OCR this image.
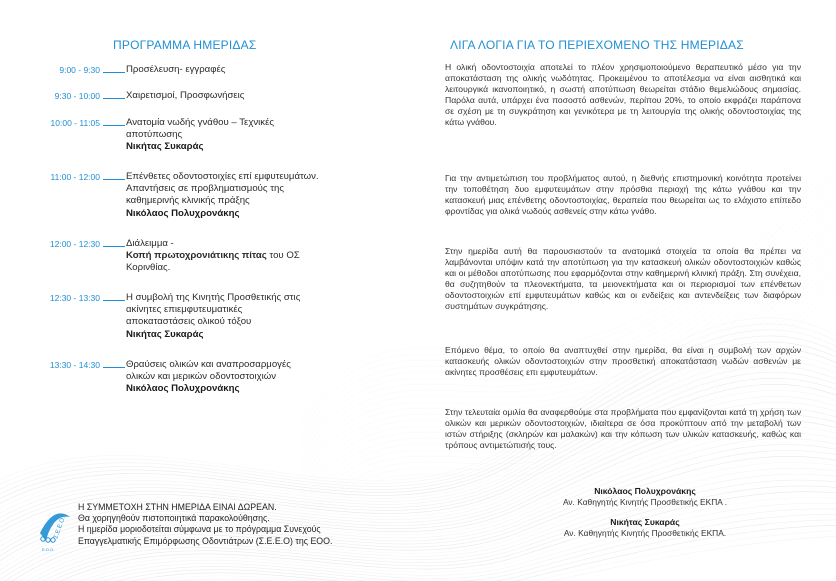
ΠΡΟΓΡΑΜΜΑ ΗΜΕΡΙΔΑΣ
9:00 - 9:30	Προσέλευση- εγγραφές
9:30 - 10:00	Χαιρετισμοί, Προσφωνήσεις
10:00 - 11:05	Ανατομία νωδής γνάθου – Τεχνικές
αποτύπωσης
Νικήτας Συκαράς
11:00 - 12:00	Επένθετες οδοντοστοιχίες επί εμφυτευμάτων.
Απαντήσεις σε προβληματισμούς της
καθημερινής κλινικής πράξης
Νικόλαος Πολυχρονάκης
12:00 - 12:30	Διάλειμμα -
Κοπή πρωτοχρονιάτικης πίτας του ΟΣ
Κορινθίας.
12:30 - 13:30	Η συμβολή της Κινητής Προσθετικής στις
ακίνητες επιεμφυτευματικές
αποκαταστάσεις ολικού τόξου
Νικήτας Συκαράς
13:30 - 14:30	Θραύσεις ολικών και αναπροσαρμογές
ολικών και μερικών οδοντοστοιχιών
Νικόλαος Πολυχρονάκης
Σ.Ε.Ε.Ο.
Ε.Ο.Ο.
Η ΣΥΜΜΕΤΟΧΗ ΣΤΗΝ ΗΜΕΡΙΔΑ ΕΙΝΑΙ ΔΩΡΕΑΝ.
Θα χορηγηθούν πιστοποιητικά παρακολούθησης.
Η ημερίδα μοριοδοτείται σύμφωνα με το πρόγραμμα Συνεχούς
Επαγγελματικής Επιμόρφωσης Οδοντιάτρων (Σ.Ε.Ε.Ο) της ΕΟΟ.
ΛΙΓΑ ΛΟΓΙΑ ΓΙΑ ΤΟ ΠΕΡΙΕΧΟΜΕΝΟ ΤΗΣ ΗΜΕΡΙΔΑΣ

Η ολική οδοντοστοιχία αποτελεί το πλέον χρησιμοποιούμενο θεραπευτικό μέσο για την αποκατάσταση της ολικής νωδότητας. Προκειμένου το αποτέλεσμα να είναι αισθητικά και λειτουργικά ικανοποιητικό, η σωστή αποτύπωση θεωρείται στάδιο θεμελιώδους σημασίας. Παρόλα αυτά, υπάρχει ένα ποσοστό ασθενών, περίπου 20%, το οποίο εκφράζει παράπονα σε σχέση με τη συγκράτηση και γενικότερα με τη λειτουργία της ολικής οδοντοστοιχίας της κάτω γνάθου.

Για την αντιμετώπιση του προβλήματος αυτού, η διεθνής επιστημονική κοινότητα προτείνει την τοποθέτηση δυο εμφυτευμάτων στην πρόσθια περιοχή της κάτω γνάθου και την κατασκευή μιας επένθετης οδοντοστοιχίας, θεραπεία που θεωρείται ως το ελάχιστο επίπεδο φροντίδας για ολικά νωδούς ασθενείς στην κάτω γνάθο.

Στην ημερίδα αυτή θα παρουσιαστούν τα ανατομικά στοιχεία τα οποία θα πρέπει να λαμβάνονται υπόψιν κατά την αποτύπωση για την κατασκευή ολικών οδοντοστοιχιών καθώς και οι μέθοδοι αποτύπωσης που εφαρμόζονται στην καθημερινή κλινική πράξη. Στη συνέχεια, θα συζητηθούν τα πλεονεκτήματα, τα μειονεκτήματα και οι περιορισμοί των επένθετων οδοντοστοιχιών επί εμφυτευμάτων καθώς και οι ενδείξεις και αντενδείξεις των διαφόρων συστημάτων συγκράτησης.

Επόμενο θέμα, το οποίο θα αναπτυχθεί στην ημερίδα, θα είναι η συμβολή των αρχών κατασκευής ολικών οδοντοστοιχιών στην προσθετική αποκατάσταση νωδών ασθενών με ακίνητες προσθέσεις επι εμφυτευμάτων.

Στην τελευταία ομιλία θα αναφερθούμε στα προβλήματα που εμφανίζονται κατά τη χρήση των ολικών και μερικών οδοντοστοιχιών, ιδιαίτερα σε όσα προκύπτουν από την μεταβολή των ιστών στήριξης (σκληρών και μαλακών) και την κόπωση των υλικών κατασκευής, καθώς και τρόπους αντιμετώπισής τους.

Νικόλαος Πολυχρονάκης
Αν. Καθηγητής Κινητής Προσθετικής ΕΚΠΑ .
Νικήτας Συκαράς
Αν. Καθηγητής Κινητής Προσθετικής ΕΚΠΑ.
